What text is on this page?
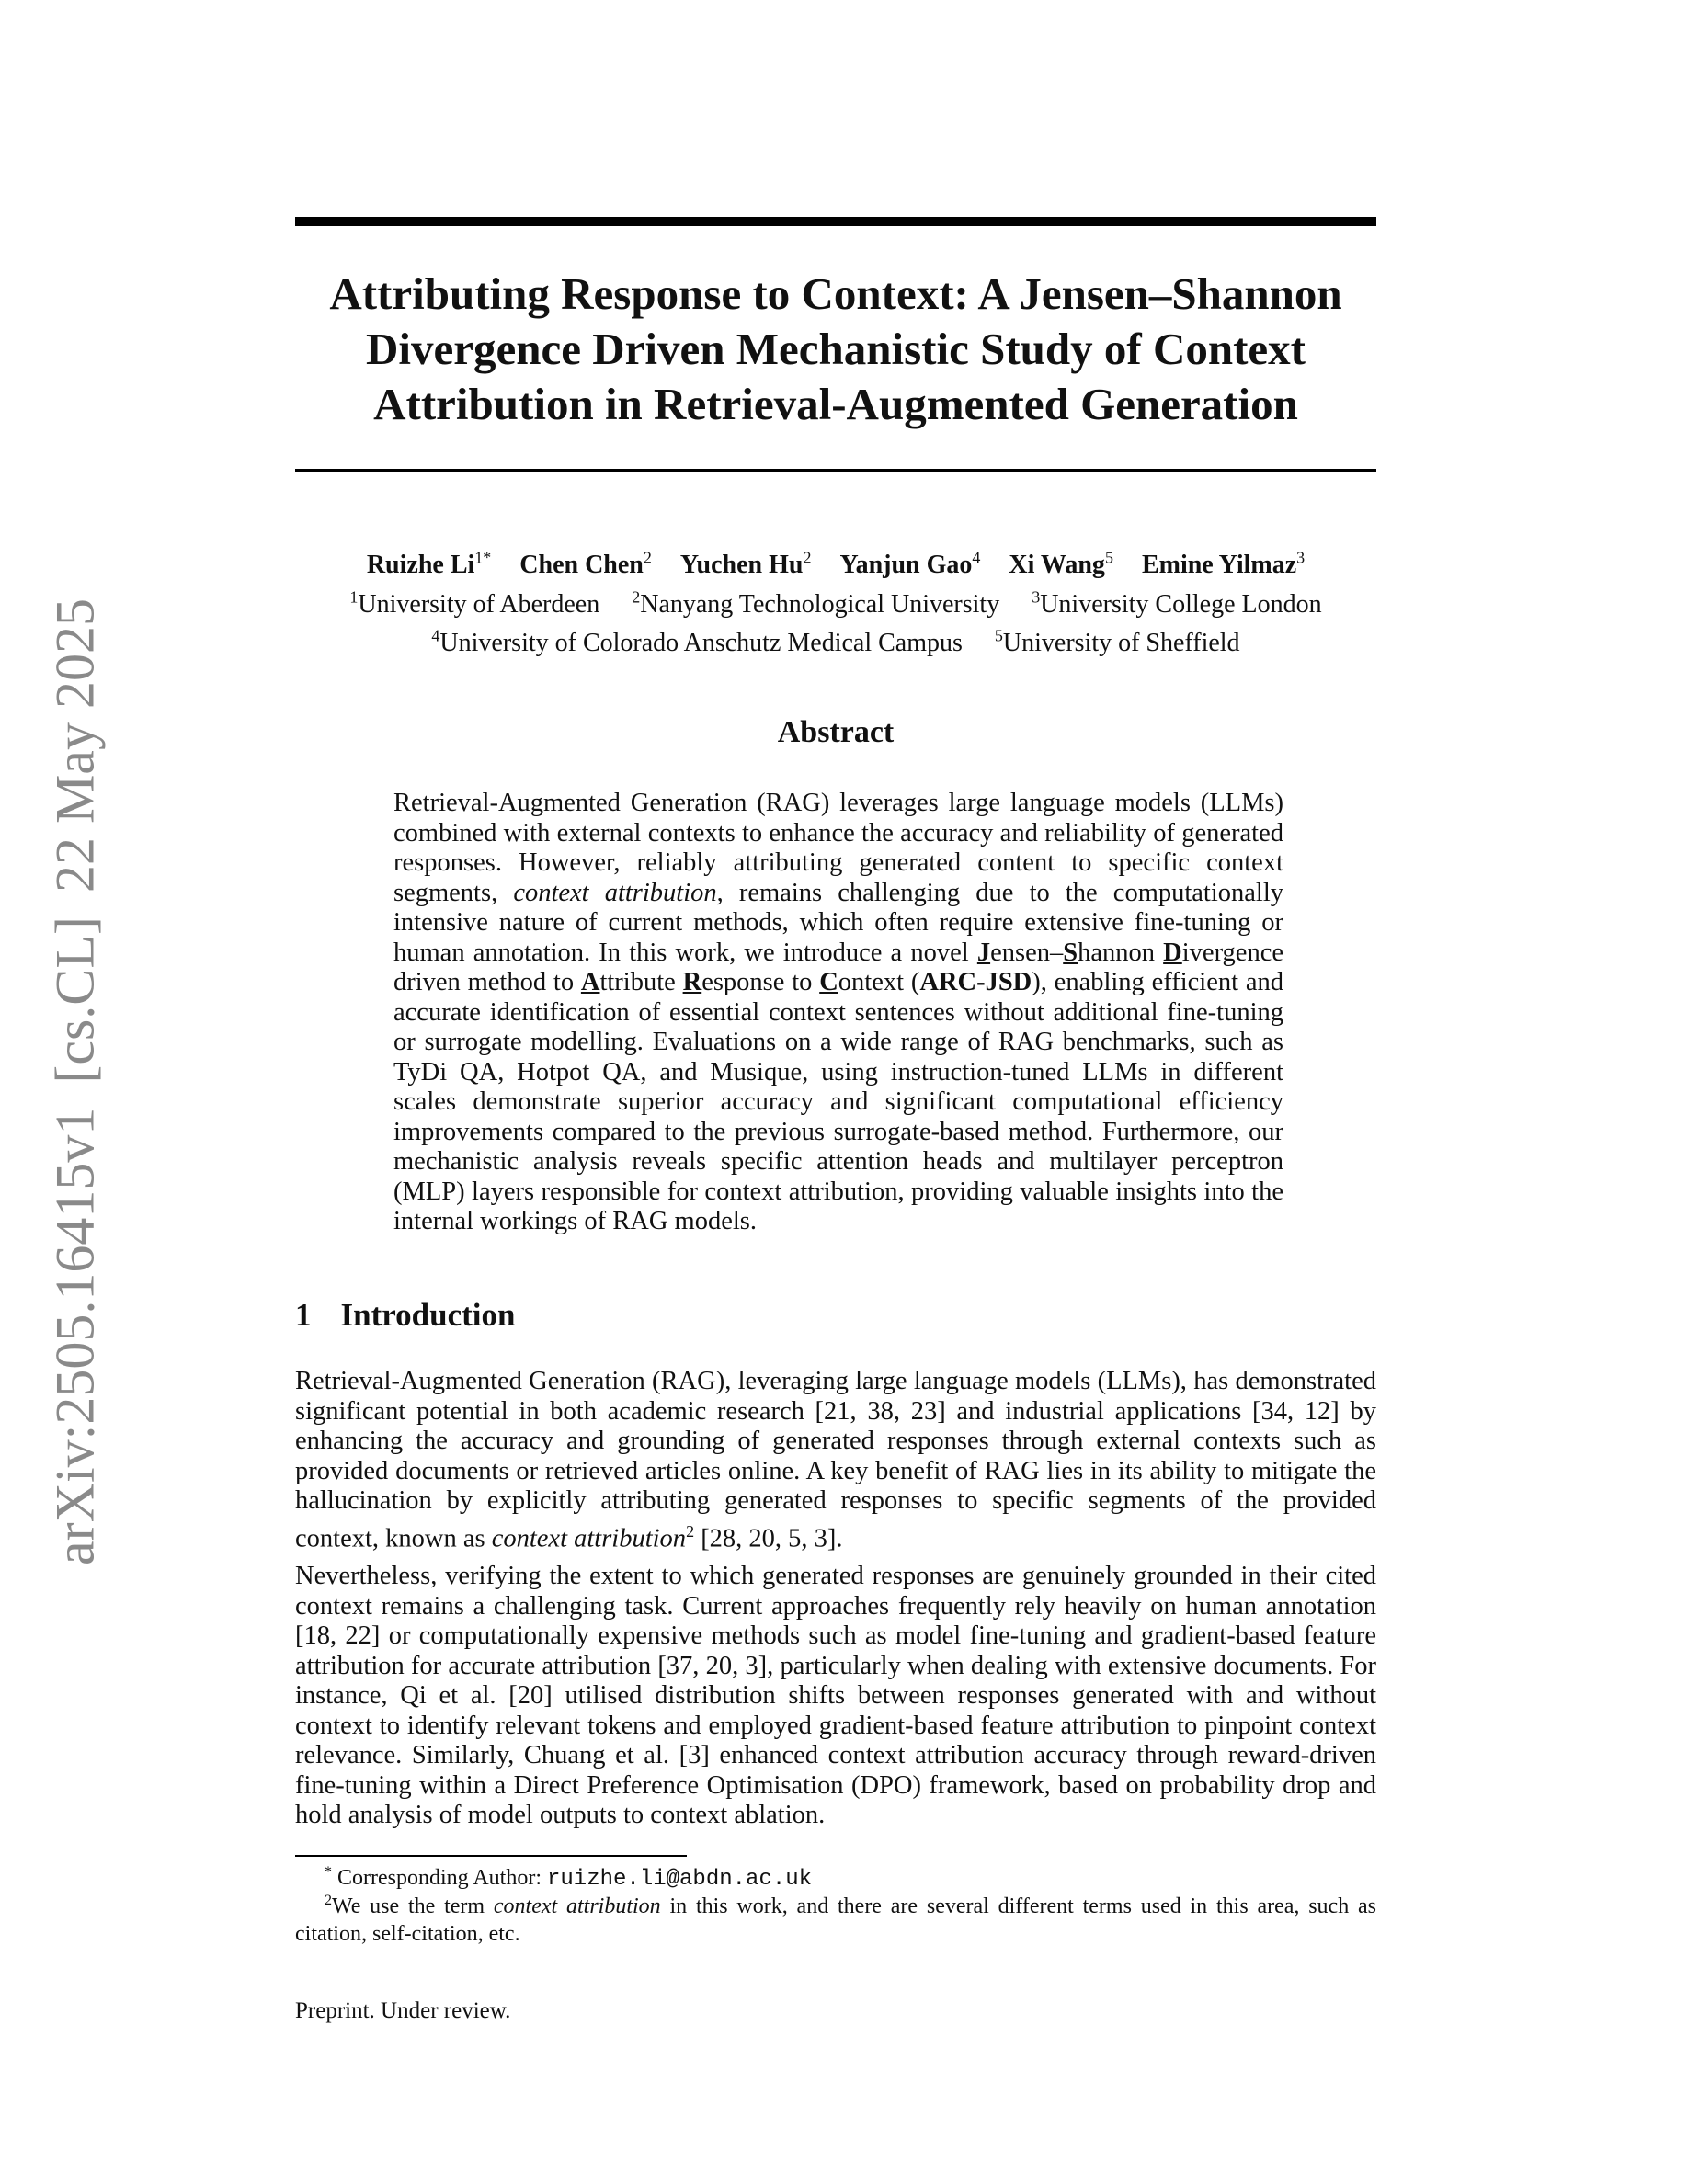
arXiv:2505.16415v1[cs.CL]22 May 2025
Attributing Response to Context: A Jensen–Shannon
Divergence Driven Mechanistic Study of Context
Attribution in Retrieval-Augmented Generation
Ruizhe $Li^{1*}$ Chen Chen$^2$ Yuchen Hu$^2$ Yanjun Gao$^4$ Xi Wang$^5$ Emine Yilmaz$^3$
$^1$University of Aberdeen $^2$Nanyang Technological University $^3$University College London
$^4$University of Colorado Anschutz Medical Campus $^5$University of Sheffield
Abstract
Retrieval-Augmented Generation (RAG) leverages large language models (LLMs) combined with external contexts to enhance the accuracy and reliability of generated responses. However, reliably attributing generated content to specific context segments, context attribution, remains challenging due to the computationally intensive nature of current methods, which often require extensive fine-tuning or human annotation. In this work, we introduce a novel Jensen–Shannon Divergence driven method to Attribute Response to Context (ARC-JSD), enabling efficient and accurate identification of essential context sentences without additional fine-tuning or surrogate modelling. Evaluations on a wide range of RAG benchmarks, such as TyDi QA, Hotpot QA, and Musique, using instruction-tuned LLMs in different scales demonstrate superior accuracy and significant computational efficiency improvements compared to the previous surrogate-based method. Furthermore, our mechanistic analysis reveals specific attention heads and multilayer perceptron (MLP) layers responsible for context attribution, providing valuable insights into the internal workings of RAG models.
1 Introduction
Retrieval-Augmented Generation (RAG), leveraging large language models (LLMs), has demonstrated significant potential in both academic research [21, 38, 23] and industrial applications [34, 12] by enhancing the accuracy and grounding of generated responses through external contexts such as provided documents or retrieved articles online. A key benefit of RAG lies in its ability to mitigate the hallucination by explicitly attributing generated responses to specific segments of the provided context, known as context attribution$^2$ [28, 20, 5, 3].
Nevertheless, verifying the extent to which generated responses are genuinely grounded in their cited context remains a challenging task. Current approaches frequently rely heavily on human annotation [18, 22] or computationally expensive methods such as model fine-tuning and gradient-based feature attribution for accurate attribution [37, 20, 3], particularly when dealing with extensive documents. For instance, Qi et al. [20] utilised distribution shifts between responses generated with and without context to identify relevant tokens and employed gradient-based feature attribution to pinpoint context relevance. Similarly, Chuang et al. [3] enhanced context attribution accuracy through reward-driven fine-tuning within a Direct Preference Optimisation (DPO) framework, based on probability drop and hold analysis of model outputs to context ablation.
* Corresponding Author: ruizhe.li@abdn.ac.uk
$^2$We use the term context attribution in this work, and there are several different terms used in this area, such as citation, self-citation, etc.
Preprint. Under review.
